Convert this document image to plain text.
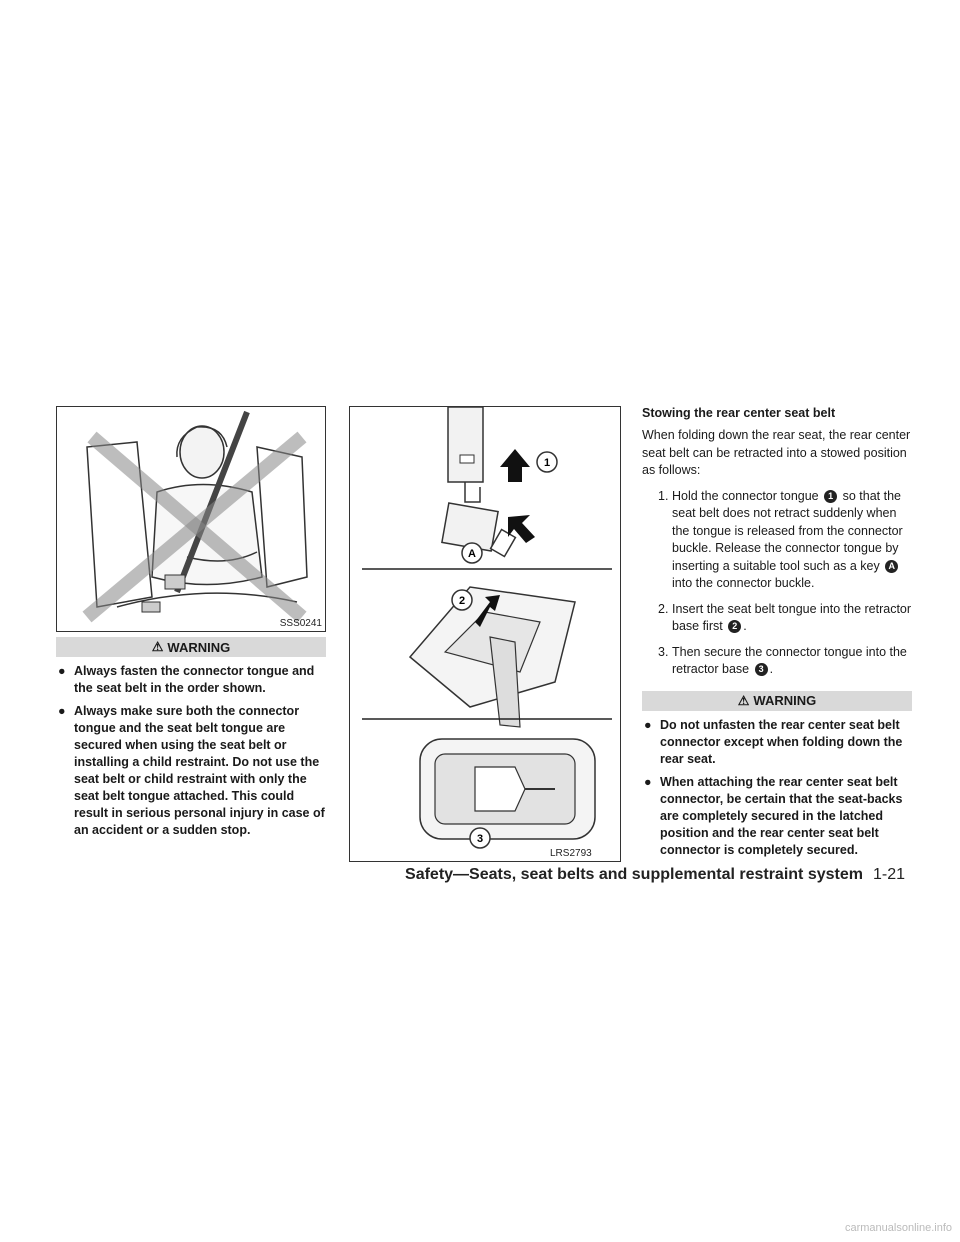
SSS0241
⚠ WARNING
● Always fasten the connector tongue and the seat belt in the order shown.
● Always make sure both the connector tongue and the seat belt tongue are secured when using the seat belt or installing a child restraint. Do not use the seat belt or child restraint with only the seat belt tongue attached. This could result in serious personal injury in case of an accident or a sudden stop.
1
A
2
3
LRS2793

Stowing the rear center seat belt

When folding down the rear seat, the rear center seat belt can be retracted into a stowed position as follows:

1. Hold the connector tongue 1 so that the seat belt does not retract suddenly when the tongue is released from the connector buckle. Release the connector tongue by inserting a suitable tool such as a key A into the connector buckle.
2. Insert the seat belt tongue into the retractor base first 2 .
3. Then secure the connector tongue into the retractor base 3 .
⚠ WARNING
● Do not unfasten the rear center seat belt connector except when folding down the rear seat.
● When attaching the rear center seat belt connector, be certain that the seat-backs are completely secured in the latched position and the rear center seat belt connector is completely secured.
Safety—Seats, seat belts and supplemental restraint system 1-21
carmanualsonline.info
